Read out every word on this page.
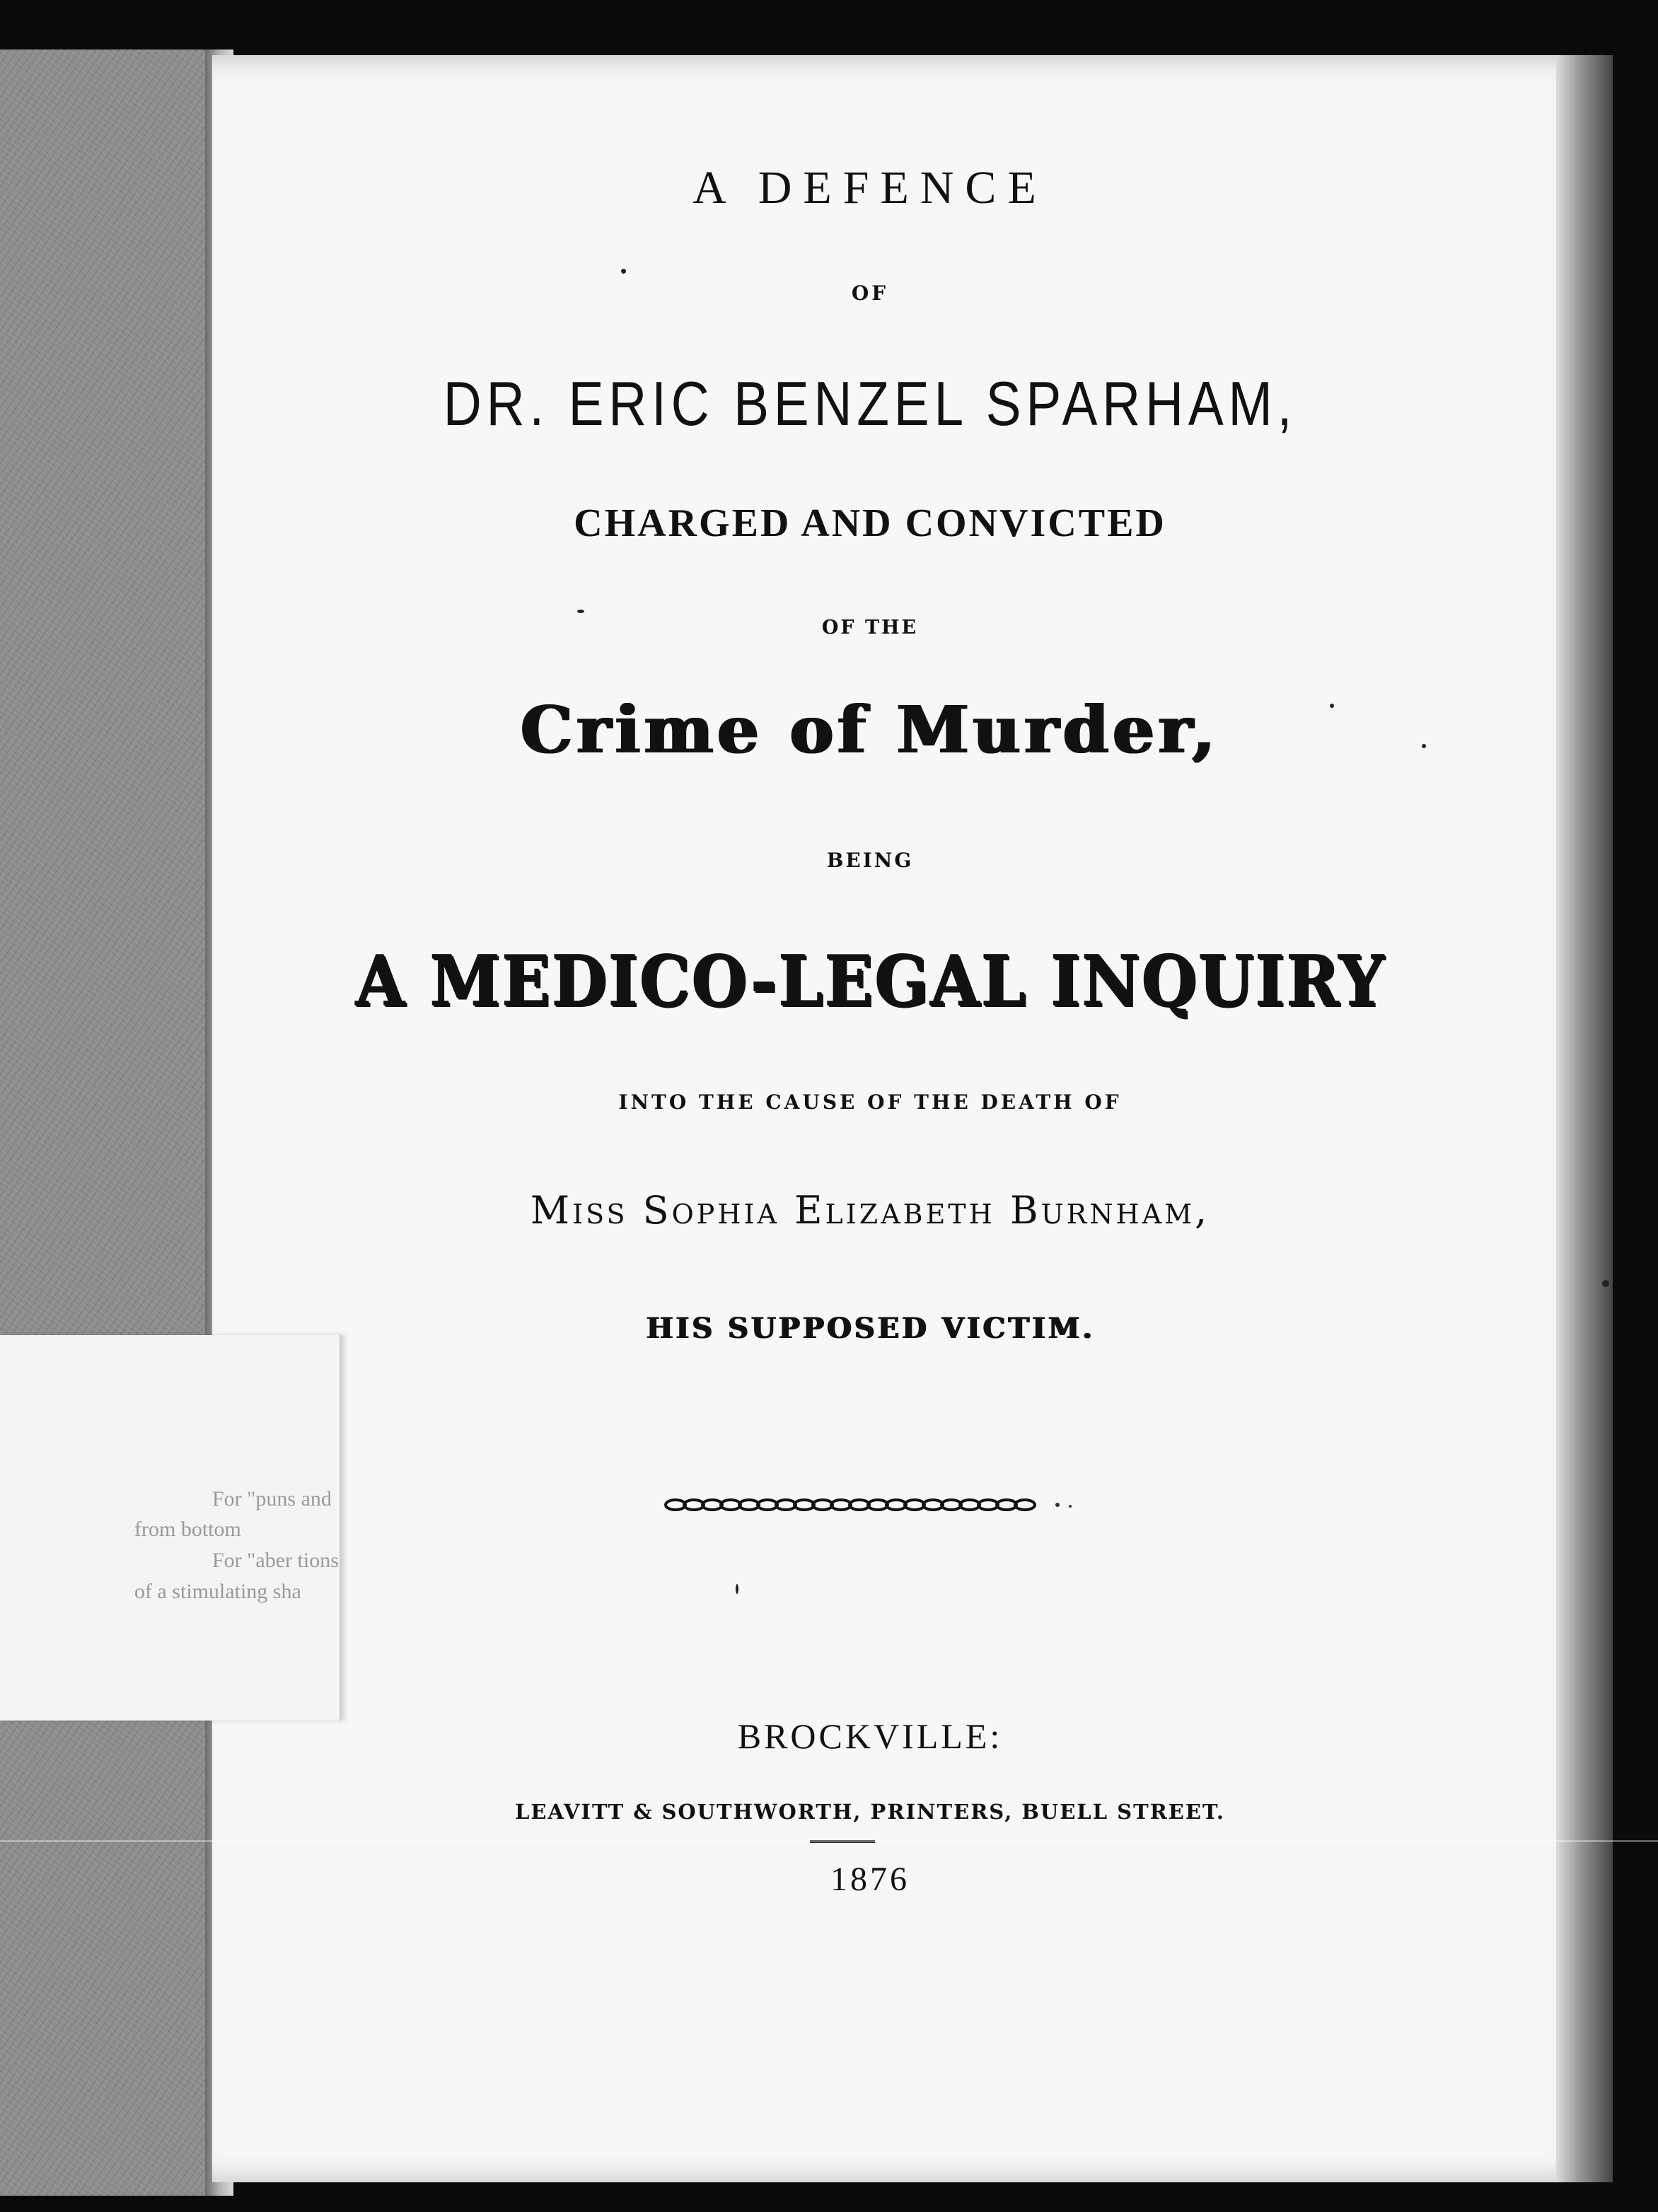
For "puns and
from bottom
For "aber tions
of a stimulating sha
A DEFENCE
OF
DR. ERIC BENZEL SPARHAM,
CHARGED AND CONVICTED
OF THE
Crime of Murder,
BEING
A MEDICO-LEGAL INQUIRY
INTO THE CAUSE OF THE DEATH OF
Miss Sophia Elizabeth Burnham,
HIS SUPPOSED VICTIM.
BROCKVILLE:
LEAVITT & SOUTHWORTH, PRINTERS, BUELL STREET.
1876
